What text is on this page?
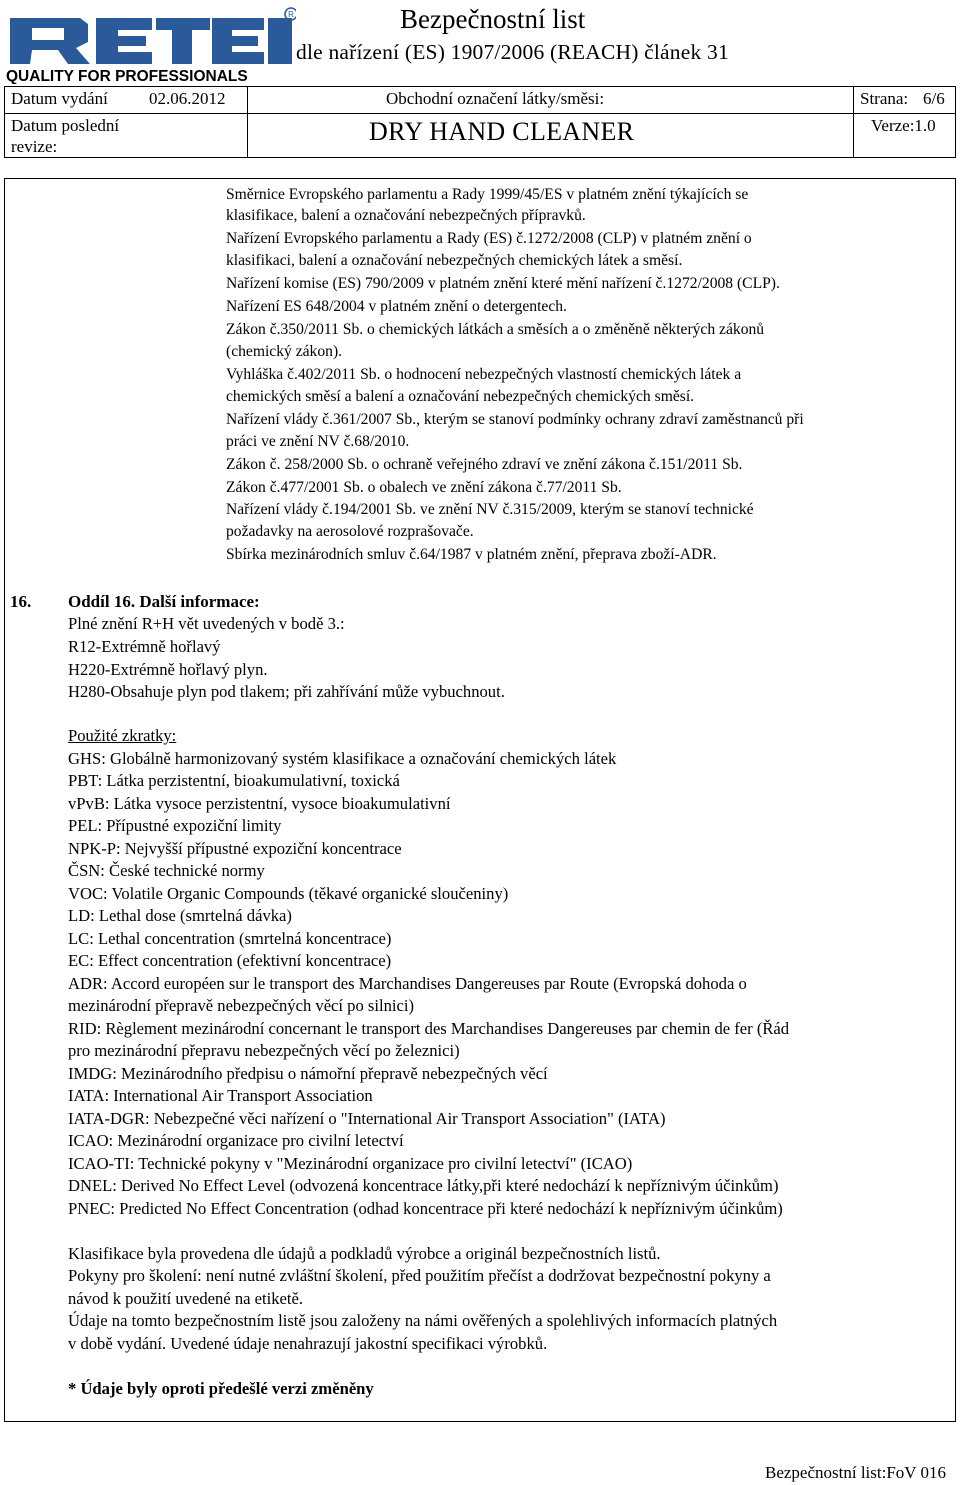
R
QUALITY FOR PROFESSIONALS
Bezpečnostní list
dle nařízení (ES) 1907/2006 (REACH) článek 31
Datum vydání 02.06.2012
Datum poslední
revize:
Obchodní označení látky/směsi:
DRY HAND CLEANER
Strana: 6/6
Verze:1.0
Směrnice Evropského parlamentu a Rady 1999/45/ES v platném znění týkajících se
klasifikace, balení a označování nebezpečných přípravků.
Nařízení Evropského parlamentu a Rady (ES) č.1272/2008 (CLP) v platném znění o
klasifikaci, balení a označování nebezpečných chemických látek a směsí.
Nařízení komise (ES) 790/2009 v platném znění které mění nařízení č.1272/2008 (CLP).
Nařízení ES 648/2004 v platném znění o detergentech.
Zákon č.350/2011 Sb. o chemických látkách a směsích a o změněně některých zákonů
(chemický zákon).
Vyhláška č.402/2011 Sb. o hodnocení nebezpečných vlastností chemických látek a
chemických směsí a balení a označování nebezpečných chemických směsí.
Nařízení vlády č.361/2007 Sb., kterým se stanoví podmínky ochrany zdraví zaměstnanců při
práci ve znění NV č.68/2010.
Zákon č. 258/2000 Sb. o ochraně veřejného zdraví ve znění zákona č.151/2011 Sb.
Zákon č.477/2001 Sb. o obalech ve znění zákona č.77/2011 Sb.
Nařízení vlády č.194/2001 Sb. ve znění NV č.315/2009, kterým se stanoví technické
požadavky na aerosolové rozprašovače.
Sbírka mezinárodních smluv č.64/1987 v platném znění, přeprava zboží-ADR.
16. Oddíl 16. Další informace:
Plné znění R+H vět uvedených v bodě 3.:
R12-Extrémně hořlavý
H220-Extrémně hořlavý plyn.
H280-Obsahuje plyn pod tlakem; při zahřívání může vybuchnout.
Použité zkratky:
GHS: Globálně harmonizovaný systém klasifikace a označování chemických látek
PBT: Látka perzistentní, bioakumulativní, toxická
vPvB: Látka vysoce perzistentní, vysoce bioakumulativní
PEL: Přípustné expoziční limity
NPK-P: Nejvyšší přípustné expoziční koncentrace
ČSN: České technické normy
VOC: Volatile Organic Compounds (těkavé organické sloučeniny)
LD: Lethal dose (smrtelná dávka)
LC: Lethal concentration (smrtelná koncentrace)
EC: Effect concentration (efektivní koncentrace)
ADR: Accord européen sur le transport des Marchandises Dangereuses par Route (Evropská dohoda o
mezinárodní přepravě nebezpečných věcí po silnici)
RID: Règlement mezinárodní concernant le transport des Marchandises Dangereuses par chemin de fer (Řád
pro mezinárodní přepravu nebezpečných věcí po železnici)
IMDG: Mezinárodního předpisu o námořní přepravě nebezpečných věcí
IATA: International Air Transport Association
IATA-DGR: Nebezpečné věci nařízení o "International Air Transport Association" (IATA)
ICAO: Mezinárodní organizace pro civilní letectví
ICAO-TI: Technické pokyny v "Mezinárodní organizace pro civilní letectví" (ICAO)
DNEL: Derived No Effect Level (odvozená koncentrace látky,při které nedochází k nepříznivým účinkům)
PNEC: Predicted No Effect Concentration (odhad koncentrace při které nedochází k nepříznivým účinkům)
Klasifikace byla provedena dle údajů a podkladů výrobce a originál bezpečnostních listů.
Pokyny pro školení: není nutné zvláštní školení, před použitím přečíst a dodržovat bezpečnostní pokyny a
návod k použití uvedené na etiketě.
Údaje na tomto bezpečnostním listě jsou založeny na námi ověřených a spolehlivých informacích platných
v době vydání. Uvedené údaje nenahrazují jakostní specifikaci výrobků.
* Údaje byly oproti předešlé verzi změněny
Bezpečnostní list:FoV 016
